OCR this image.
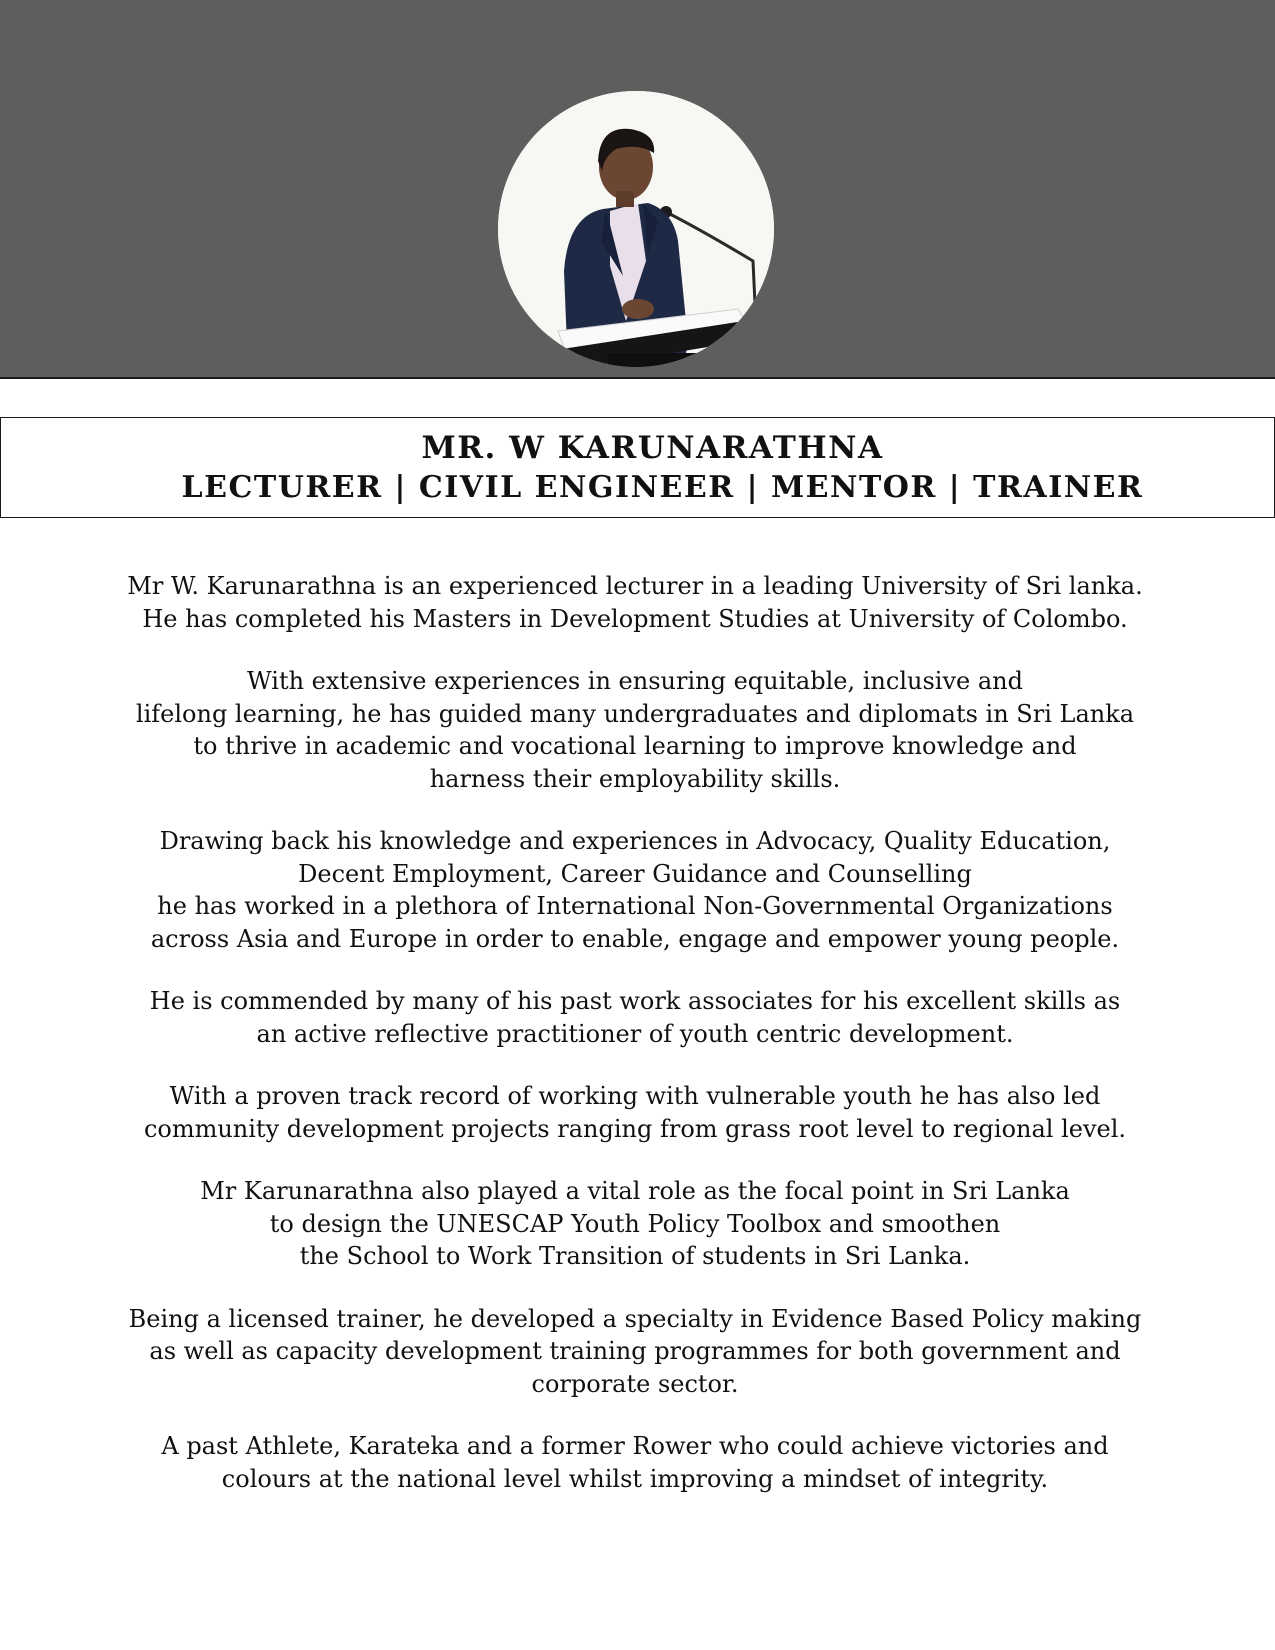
MR. W KARUNARATHNA
LECTURER | CIVIL ENGINEER | MENTOR | TRAINER

Mr W. Karunarathna is an experienced lecturer in a leading University of Sri lanka.
He has completed his Masters in Development Studies at University of Colombo.

With extensive experiences in ensuring equitable, inclusive and
lifelong learning, he has guided many undergraduates and diplomats in Sri Lanka
to thrive in academic and vocational learning to improve knowledge and
harness their employability skills.

Drawing back his knowledge and experiences in Advocacy, Quality Education,
Decent Employment, Career Guidance and Counselling
he has worked in a plethora of International Non-Governmental Organizations
across Asia and Europe in order to enable, engage and empower young people.

He is commended by many of his past work associates for his excellent skills as
an active reflective practitioner of youth centric development.

With a proven track record of working with vulnerable youth he has also led
community development projects ranging from grass root level to regional level.

Mr Karunarathna also played a vital role as the focal point in Sri Lanka
to design the UNESCAP Youth Policy Toolbox and smoothen
the School to Work Transition of students in Sri Lanka.

Being a licensed trainer, he developed a specialty in Evidence Based Policy making
as well as capacity development training programmes for both government and
corporate sector.

A past Athlete, Karateka and a former Rower who could achieve victories and
colours at the national level whilst improving a mindset of integrity.
